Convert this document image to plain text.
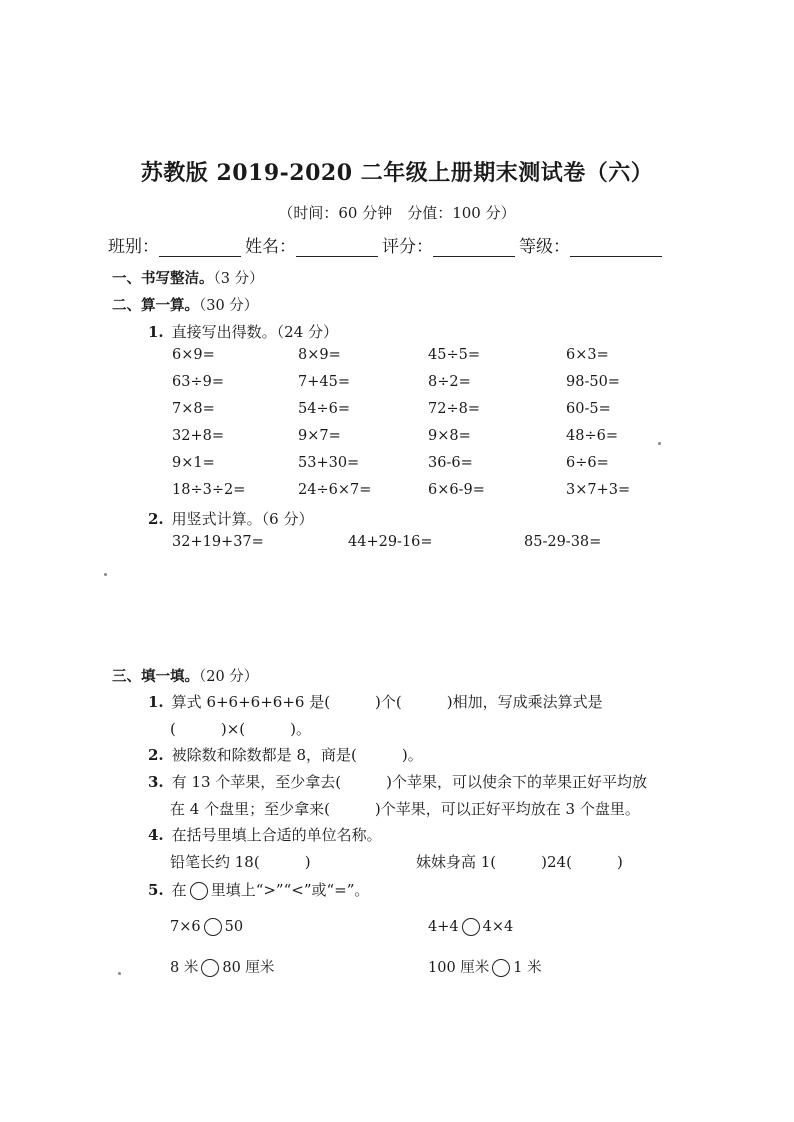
苏教版 2019-2020 二年级上册期末测试卷（六）
（时间：60 分钟　分值：100 分）
班别：	姓名：	评分：	等级：
一、书写整洁。（3 分）
二、算一算。（30 分）
1. 直接写出得数。（24 分）
6×9=	8×9=	45÷5=	6×3=
63÷9=	7+45=	8÷2=	98-50=
7×8=	54÷6=	72÷8=	60-5=
32+8=	9×7=	9×8=	48÷6=
9×1=	53+30=	36-6=	6÷6=
18÷3÷2=	24÷6×7=	6×6-9=	3×7+3=
2. 用竖式计算。（6 分）
32+19+37=	44+29-16=	85-29-38=
三、填一填。（20 分）
1. 算式 6+6+6+6+6 是(　　　)个(　　　)相加，写成乘法算式是
(　　　)×(　　　)。
2. 被除数和除数都是 8，商是(　　　)。
3. 有 13 个苹果，至少拿去(　　　)个苹果，可以使余下的苹果正好平均放
在 4 个盘里；至少拿来(　　　)个苹果，可以正好平均放在 3 个盘里。
4. 在括号里填上合适的单位名称。
铅笔长约 18(　　　)	妹妹身高 1(　　　)24(　　　)
5. 在 里填上“>”“<”或“=”。
7×6 50	4+4 4×4
8 米 80 厘米	100 厘米 1 米
